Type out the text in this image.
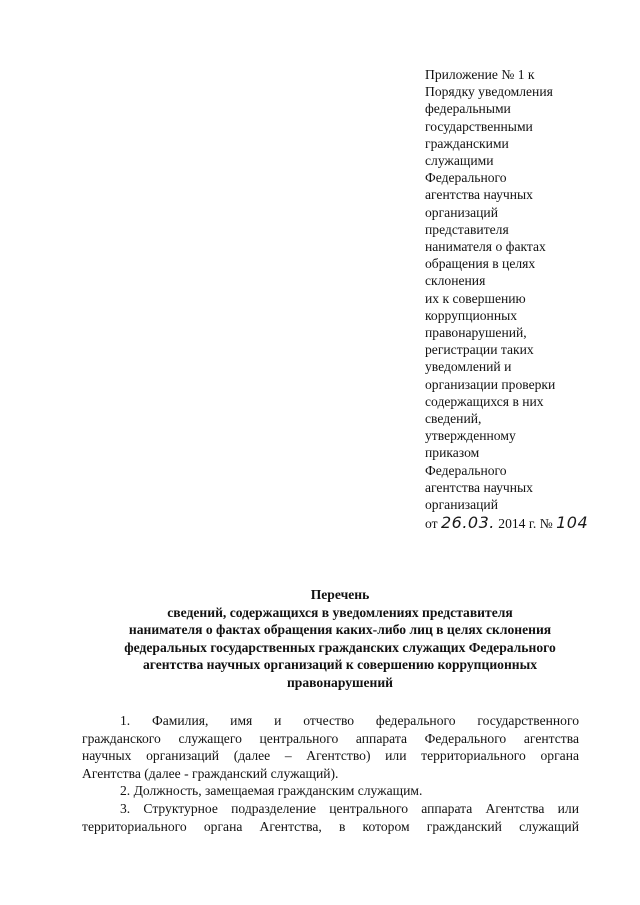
Приложение № 1 к
Порядку уведомления
федеральными
государственными
гражданскими
служащими
Федерального
агентства научных
организаций
представителя
нанимателя о фактах
обращения в целях
склонения
их к совершению
коррупционных
правонарушений,
регистрации таких
уведомлений и
организации проверки
содержащихся в них
сведений,
утвержденному
приказом
Федерального
агентства научных
организаций
от 26.03. 2014 г. № 104
Перечень
сведений, содержащихся в уведомлениях представителя
нанимателя о фактах обращения каких-либо лиц в целях склонения
федеральных государственных гражданских служащих Федерального
агентства научных организаций к совершению коррупционных
правонарушений
1. Фамилия, имя и отчество федерального государственного
гражданского служащего центрального аппарата Федерального агентства
научных организаций (далее – Агентство) или территориального органа
Агентства (далее - гражданский служащий).
2. Должность, замещаемая гражданским служащим.
3. Структурное подразделение центрального аппарата Агентства или
территориального органа Агентства, в котором гражданский служащий
